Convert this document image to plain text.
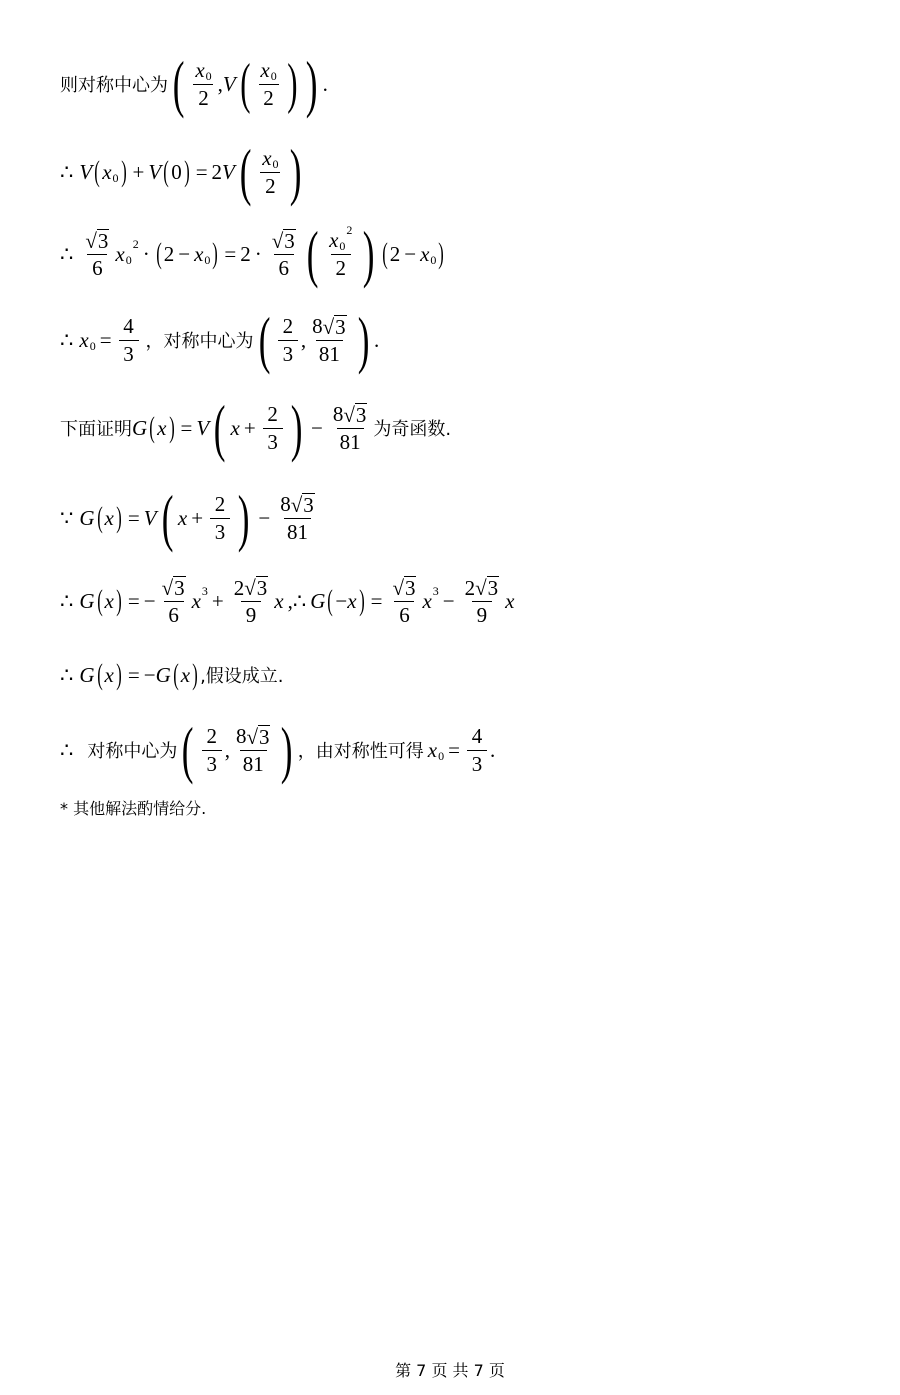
则对称中心为 ( $\frac{x 0}{2}$ , V ( $\frac{x 0}{2}$ ) ) .
∴ V ( x 0 ) + V ( 0 ) = 2 V ( $\frac{x 0}{2}$ )
∴ $\frac{√ 3}{6}$ x 0
2 · ( 2 − x 0 ) = $2 \cdot \frac{√ 3}{6}$ ( x 0
2
2 ) ( 2 − x 0 )
∴ x $0 = \frac{4}{3}$ ，对称中心为 ( $\frac{2}{3}$ , $\frac{8 √ 3}{81}$ ) .
下面证明 G ( x ) = V ( $x + \frac{2}{3}$ ) − $\frac{8 √ 3}{81}$ 为奇函数.
∵ G ( x ) = V ( $x + \frac{2}{3}$ ) − $\frac{8 √ 3}{81}$
∴ G ( x ) = − $\frac{√ 3}{6}$ x $3 + \frac{2 √ 3}{9}$ x ,∴ G ( − x ) = $\frac{√ 3}{6}$ x $3 - \frac{2 √ 3}{9}$ x
∴ G ( x ) = − G ( x ) ,假设成立.
∴ 对称中心为 ( $\frac{2}{3}$ , $\frac{8 √ 3}{81}$ ) ，由对称性可得 x $0 = \frac{4}{3}$ .
* 其他解法酌情给分.
第 7 页 共 7 页
